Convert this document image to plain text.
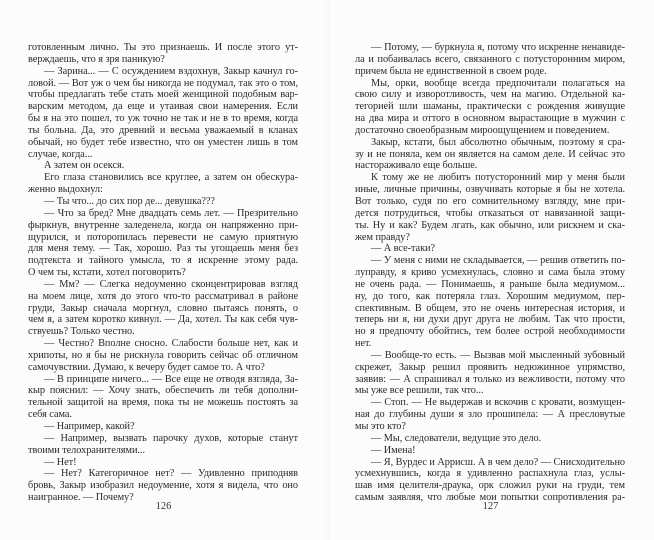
готовленным лично. Ты это признаешь. И после этого ут-
верждаешь, что я зря паникую?
— Зарина... — С осуждением вздохнув, Закыр качнул го-
ловой. — Вот уж о чем бы никогда не подумал, так это о том,
чтобы предлагать тебе стать моей женщиной подобным вар-
варским методом, да еще и утаивая свои намерения. Если
бы я на это пошел, то уж точно не так и не в то время, когда
ты больна. Да, это древний и весьма уважаемый в кланах
обычай, но будет тебе известно, что он уместен лишь в том
случае, когда...
А затем он осекся.
Его глаза становились все круглее, а затем он обескура-
женно выдохнул:
— Ты что... до сих пор де... девушка???
— Что за бред? Мне двадцать семь лет. — Презрительно
фыркнув, внутренне заледенела, когда он напряженно при-
щурился, и поторопилась перевести не самую приятную
для меня тему. — Так, хорошо. Раз ты угощаешь меня без
подтекста и тайного умысла, то я искренне этому рада.
О чем ты, кстати, хотел поговорить?
— Мм? — Слегка недоуменно сконцентрировав взгляд
на моем лице, хотя до этого что-то рассматривал в районе
груди, Закыр сначала моргнул, словно пытаясь понять, о
чем я, а затем коротко кивнул. — Да, хотел. Ты как себя чув-
ствуешь? Только честно.
— Честно? Вполне сносно. Слабости больше нет, как и
хрипоты, но я бы не рискнула говорить сейчас об отличном
самочувствии. Думаю, к вечеру будет самое то. А что?
— В принципе ничего... — Все еще не отводя взгляда, За-
кыр пояснил: — Хочу знать, обеспечить ли тебя дополни-
тельной защитой на время, пока ты не можешь постоять за
себя сама.
— Например, какой?
— Например, вызвать парочку духов, которые станут
твоими телохранителями...
— Нет!
— Нет? Категоричное нет? — Удивленно приподняв
бровь, Закыр изобразил недоумение, хотя я видела, что оно
наигранное. — Почему?
126
— Потому, — буркнула я, потому что искренне ненавиде-
ла и побаивалась всего, связанного с потусторонним миром,
причем была не единственной в своем роде.
Мы, орки, вообще всегда предпочитали полагаться на
свою силу и изворотливость, чем на магию. Отдельной ка-
тегорией шли шаманы, практически с рождения живущие
на два мира и оттого в основном вырастающие в мужчин с
достаточно своеобразным мироощущением и поведением.
Закыр, кстати, был абсолютно обычным, поэтому я сра-
зу и не поняла, кем он является на самом деле. И сейчас это
настораживало еще больше.
К тому же не любить потусторонний мир у меня были
иные, личные причины, озвучивать которые я бы не хотела.
Вот только, судя по его сомнительному взгляду, мне при-
дется потрудиться, чтобы отказаться от навязанной защи-
ты. Ну и как? Будем лгать, как обычно, или рискнем и ска-
жем правду?
— А все-таки?
— У меня с ними не складывается, — решив ответить по-
луправду, я криво усмехнулась, словно и сама была этому
не очень рада. — Понимаешь, я раньше была медиумом...
ну, до того, как потеряла глаз. Хорошим медиумом, пер-
спективным. В общем, это не очень интересная история, и
теперь ни я, ни духи друг друга не любим. Так что прости,
но я предпочту обойтись, тем более острой необходимости
нет.
— Вообще-то есть. — Вызвав мой мысленный зубовный
скрежет, Закыр решил проявить недюжинное упрямство,
заявив: — А спрашивал я только из вежливости, потому что
мы уже все решили, так что...
— Стоп. — Не выдержав и вскочив с кровати, возмущен-
ная до глубины души я зло прошипела: — А пресловутые
мы это кто?
— Мы, следователи, ведущие это дело.
— Имена!
— Я, Вурдес и Аррисш. А в чем дело? — Снисходительно
усмехнувшись, когда я удивленно распахнула глаз, услы-
шав имя целителя-драука, орк сложил руки на груди, тем
самым заявляя, что любые мои попытки сопротивления ра-
127
